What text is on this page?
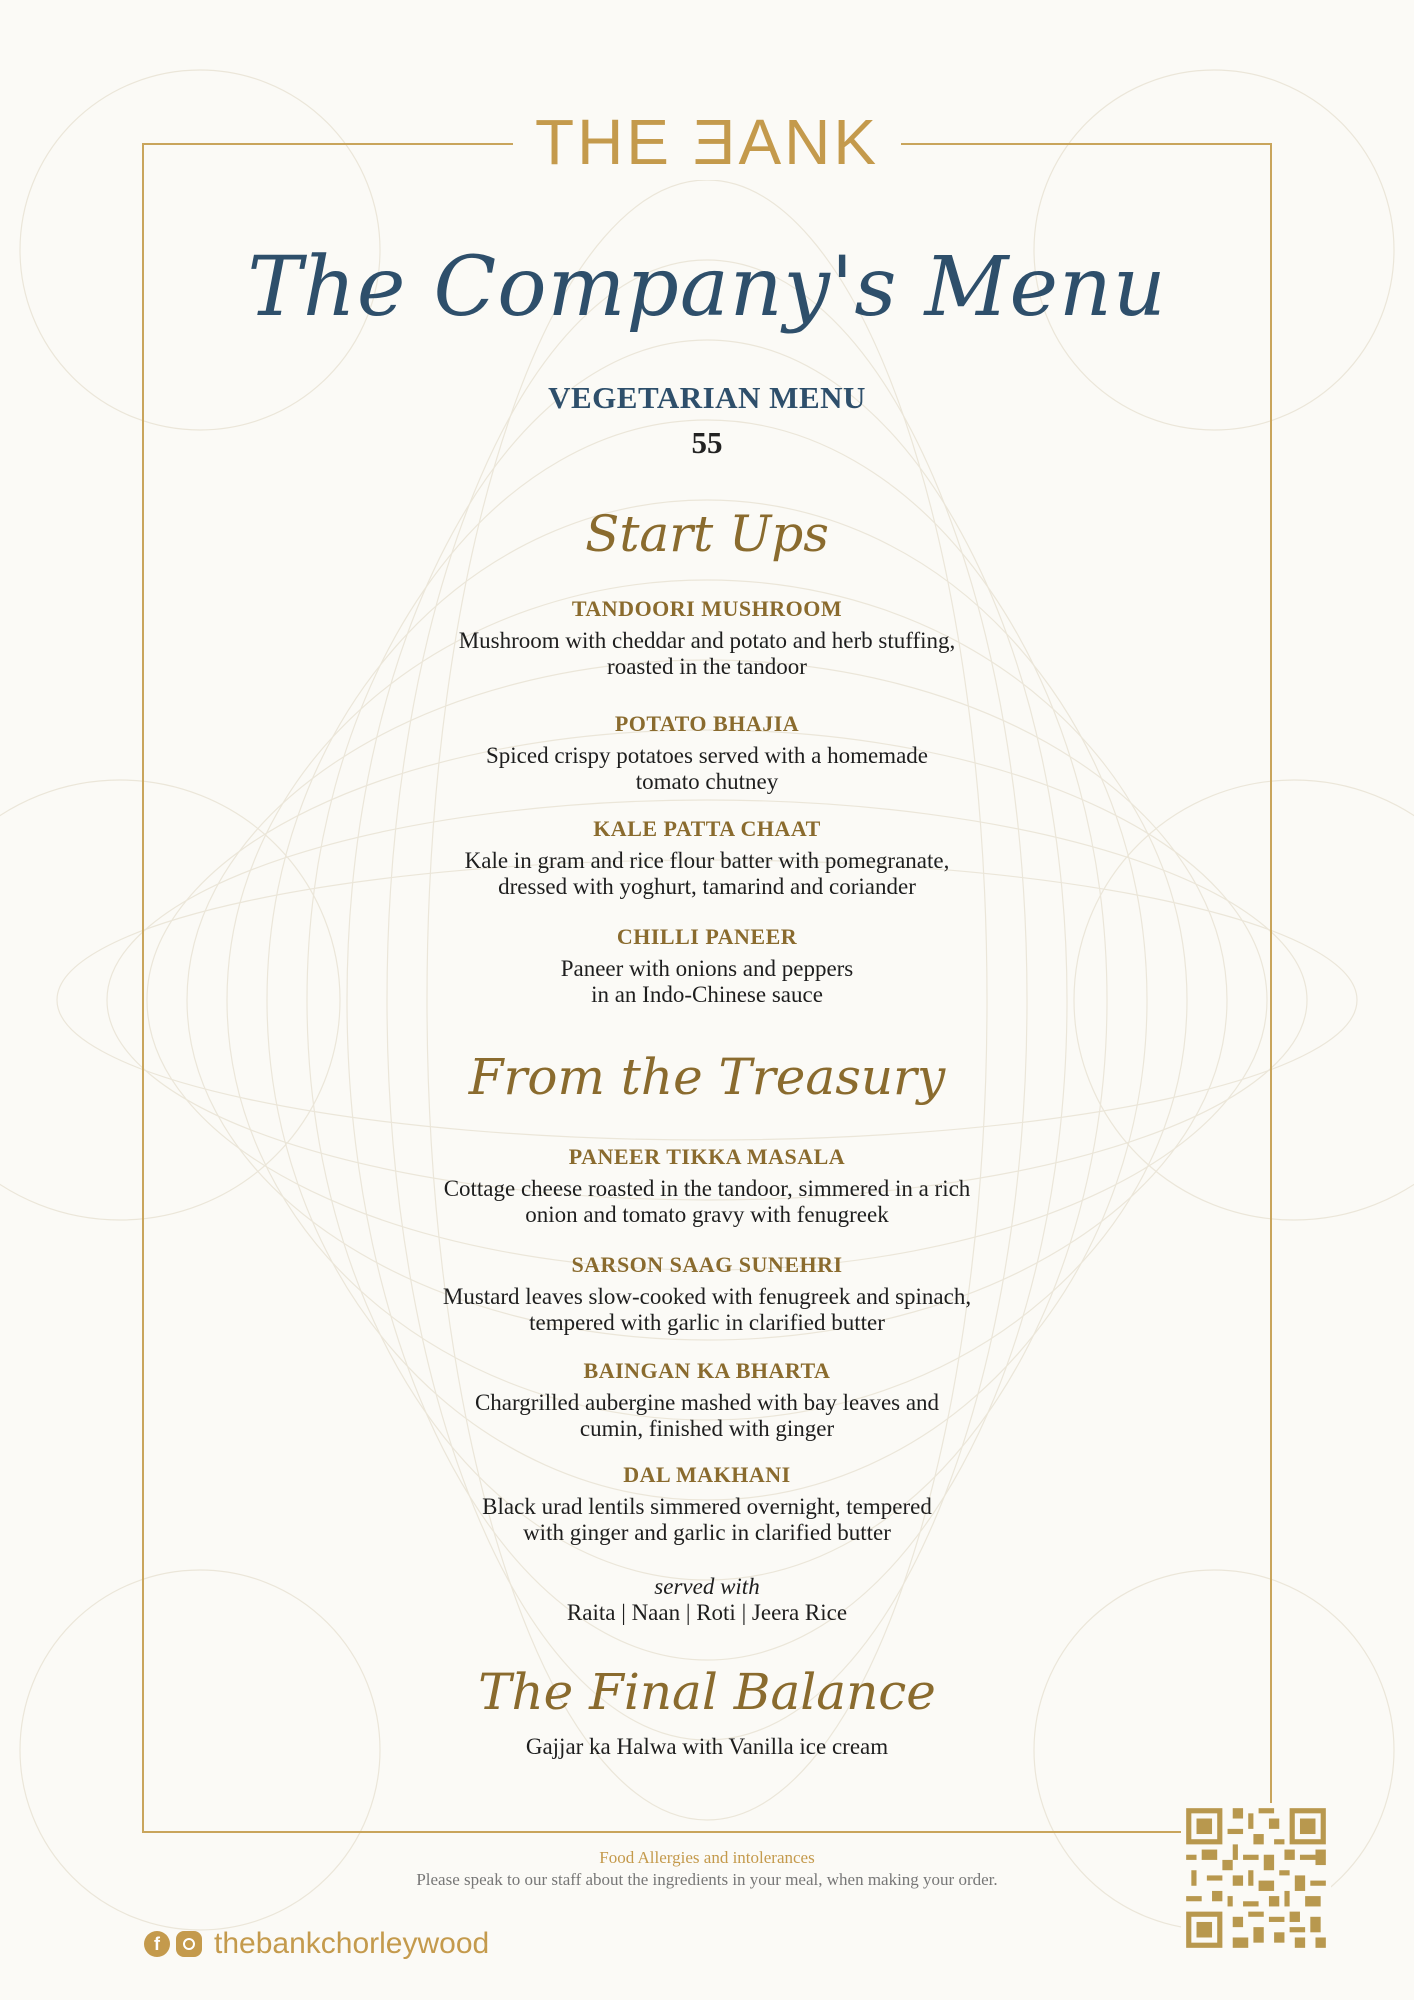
THE ƎANK
The Company's Menu
VEGETARIAN MENU
55
Start Ups
TANDOORI MUSHROOM
Mushroom with cheddar and potato and herb stuffing,
roasted in the tandoor
POTATO BHAJIA
Spiced crispy potatoes served with a homemade
tomato chutney
KALE PATTA CHAAT
Kale in gram and rice flour batter with pomegranate,
dressed with yoghurt, tamarind and coriander
CHILLI PANEER
Paneer with onions and peppers
in an Indo-Chinese sauce
From the Treasury
PANEER TIKKA MASALA
Cottage cheese roasted in the tandoor, simmered in a rich
onion and tomato gravy with fenugreek
SARSON SAAG SUNEHRI
Mustard leaves slow-cooked with fenugreek and spinach,
tempered with garlic in clarified butter
BAINGAN KA BHARTA
Chargrilled aubergine mashed with bay leaves and
cumin, finished with ginger
DAL MAKHANI
Black urad lentils simmered overnight, tempered
with ginger and garlic in clarified butter
served with
Raita | Naan | Roti | Jeera Rice
The Final Balance
Gajjar ka Halwa with Vanilla ice cream
Food Allergies and intolerances
Please speak to our staff about the ingredients in your meal, when making your order.
f	thebankchorleywood
